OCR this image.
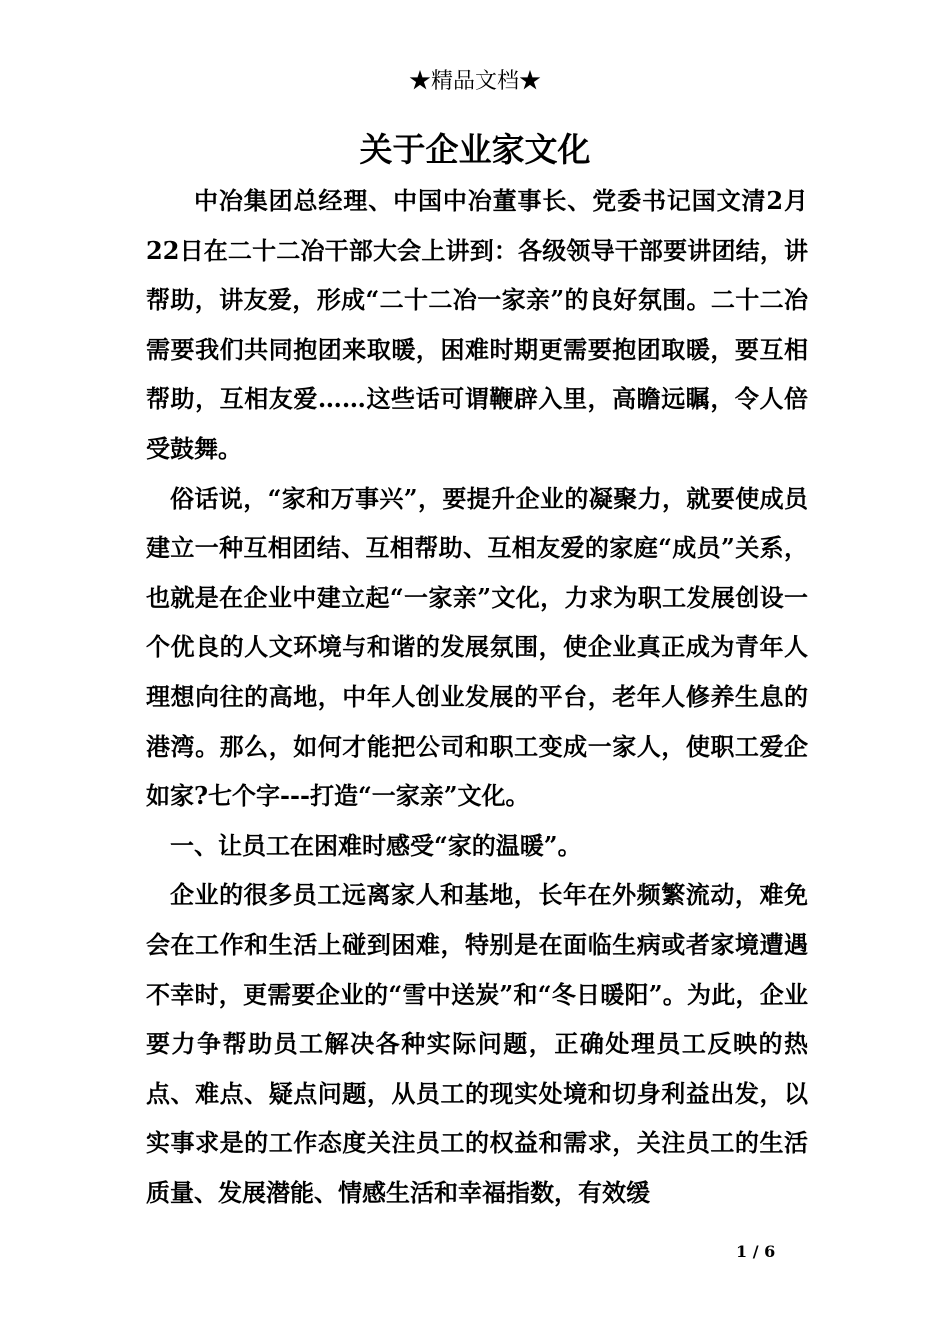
★精品文档★
关于企业家文化

中冶集团总经理、中国中冶董事长、党委书记国文清2月22日在二十二冶干部大会上讲到：各级领导干部要讲团结，讲帮助，讲友爱，形成“二十二冶一家亲”的良好氛围。二十二冶需要我们共同抱团来取暖，困难时期更需要抱团取暖，要互相帮助，互相友爱……这些话可谓鞭辟入里，高瞻远瞩，令人倍受鼓舞。

俗话说，“家和万事兴”，要提升企业的凝聚力，就要使成员建立一种互相团结、互相帮助、互相友爱的家庭“成员”关系，也就是在企业中建立起“一家亲”文化，力求为职工发展创设一个优良的人文环境与和谐的发展氛围，使企业真正成为青年人理想向往的高地，中年人创业发展的平台，老年人修养生息的港湾。那么，如何才能把公司和职工变成一家人，使职工爱企如家?七个字---打造“一家亲”文化。

一、让员工在困难时感受“家的温暖”。

企业的很多员工远离家人和基地，长年在外频繁流动，难免会在工作和生活上碰到困难，特别是在面临生病或者家境遭遇不幸时，更需要企业的“雪中送炭”和“冬日暖阳”。为此，企业要力争帮助员工解决各种实际问题，正确处理员工反映的热点、难点、疑点问题，从员工的现实处境和切身利益出发，以实事求是的工作态度关注员工的权益和需求，关注员工的生活质量、发展潜能、情感生活和幸福指数，有效缓

1 / 6
